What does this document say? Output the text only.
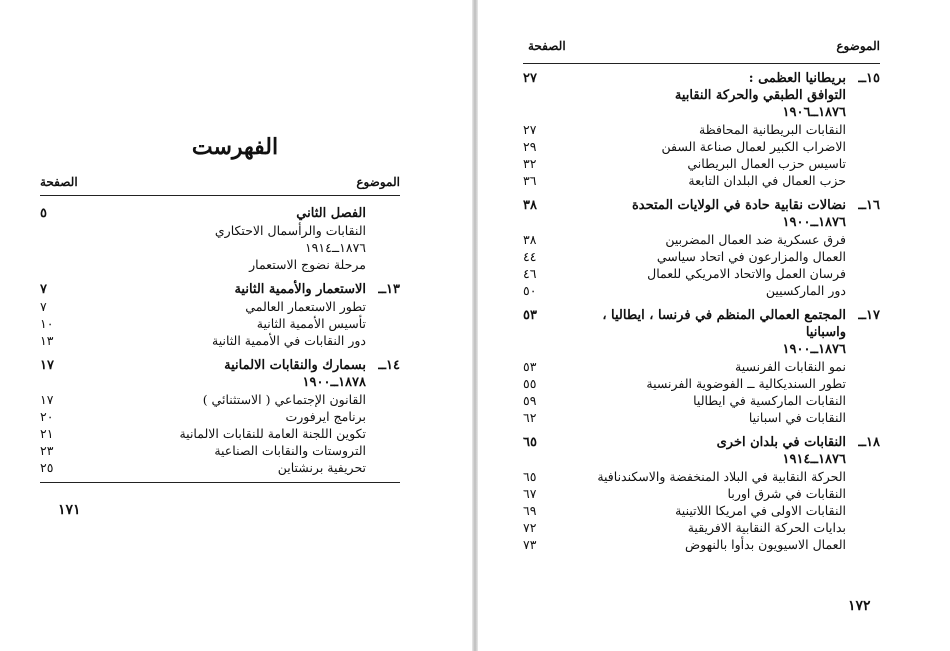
الفهرست
الموضوع
الصفحة
الفصل الثاني
٥
النقابات والرأسمال الاحتكاري
١٨٧٦ــ١٩١٤
مرحلة نضوج الاستعمار
١٣ــالاستعمار والأممية الثانية
٧
تطور الاستعمار العالمي
٧
تأسيس الأممية الثانية
١٠
دور النقابات في الأممية الثانية
١٣
١٤ــبسمارك والنقابات الالمانية
١٧
١٨٧٨ــ١٩٠٠
القانون الإجتماعي ( الاستثنائي )
١٧
برنامج ايرفورت
٢٠
تكوين اللجنة العامة للنقابات الالمانية
٢١
التروستات والنقابات الصناعية
٢٣
تحريفية برنشتاين
٢٥
١٧١
الموضوع
الصفحة
١٥ــبريطانيا العظمى :
٢٧
التوافق الطبقي والحركة النقابية
١٨٧٦ــ١٩٠٦
النقابات البريطانية المحافظة
٢٧
الاضراب الكبير لعمال صناعة السفن
٢٩
تاسيس حزب العمال البريطاني
٣٢
حزب العمال في البلدان التابعة
٣٦
١٦ــنضالات نقابية حادة في الولايات المتحدة
٣٨
١٨٧٦ــ١٩٠٠
فرق عسكرية ضد العمال المضربين
٣٨
العمال والمزارعون في اتحاد سياسي
٤٤
فرسان العمل والاتحاد الامريكي للعمال
٤٦
دور الماركسيين
٥٠
١٧ــالمجتمع العمالي المنظم في فرنسا ، ايطاليا ،
٥٣
واسبانيا
١٨٧٦ــ١٩٠٠
نمو النقابات الفرنسية
٥٣
تطور السنديكالية ــ الفوضوية الفرنسية
٥٥
النقابات الماركسية في ايطاليا
٥٩
النقابات في اسبانيا
٦٢
١٨ــالنقابات في بلدان اخرى
٦٥
١٨٧٦ــ١٩١٤
الحركة النقابية في البلاد المنخفضة والاسكندنافية
٦٥
النقابات في شرق اوربا
٦٧
النقابات الاولى في امريكا اللاتينية
٦٩
بدايات الحركة النقابية الافريقية
٧٢
العمال الاسيويون بدأوا بالنهوض
٧٣
١٧٢
